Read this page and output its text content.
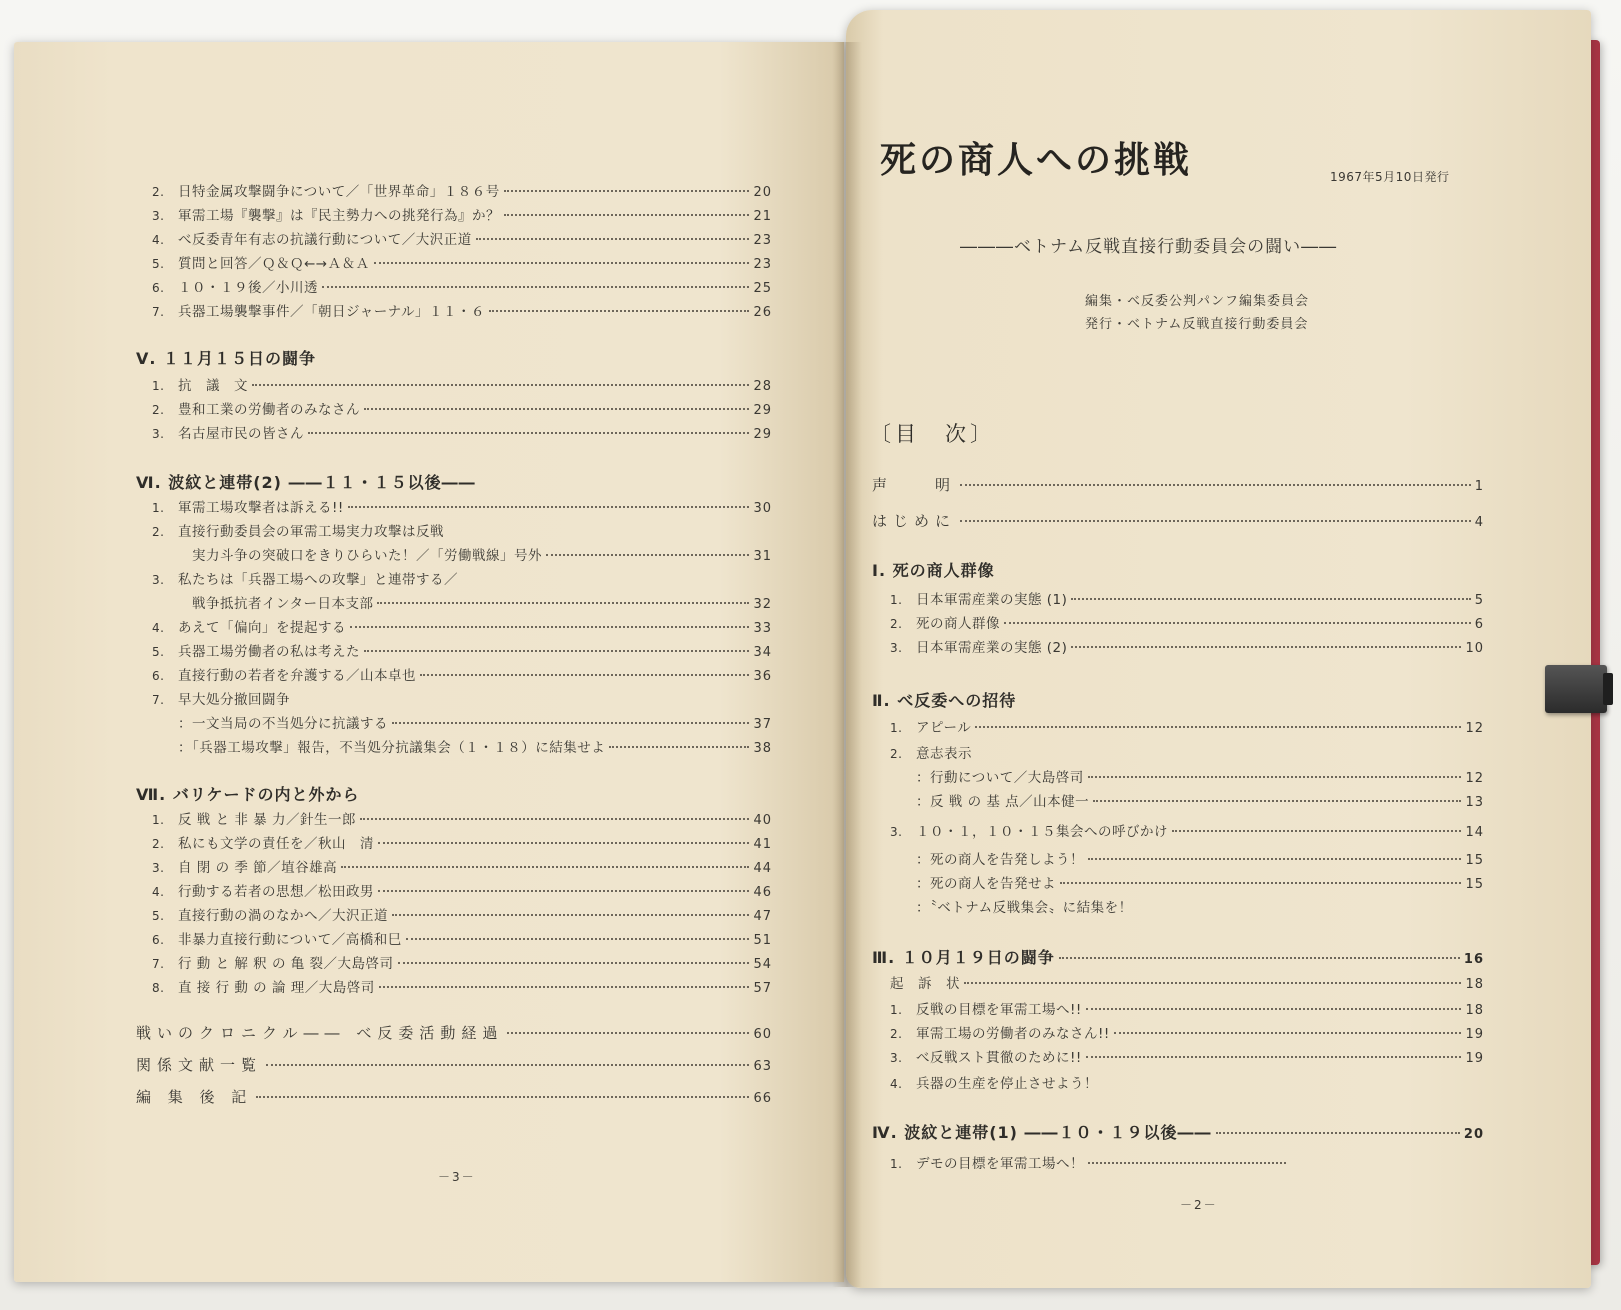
死の商人への挑戦	1967年5月10日発行
―――ベトナム反戦直接行動委員会の闘い――
編集・ベ反委公判パンフ編集委員会
発行・ベトナム反戦直接行動委員会
〔目　次〕
声　　明	1
はじめに	4
Ⅰ. 死の商人群像
1.	日本軍需産業の実態 (1)	5
2.	死の商人群像	6
3.	日本軍需産業の実態 (2)	10
Ⅱ. べ反委への招待
1.	アピール	12
2.	意志表示
：行動について／大島啓司	12
：反 戦 の 基 点／山本健一	13
3.	１０・１，１０・１５集会への呼びかけ	14
：死の商人を告発しよう！	15
：死の商人を告発せよ	15
：〝ベトナム反戦集会〟に結集を！
Ⅲ. １０月１９日の闘争	16
起　訴　状	18
1.	反戦の目標を軍需工場へ!!	18
2.	軍需工場の労働者のみなさん!!	19
3.	べ反戦スト貫徹のために!!	19
4.	兵器の生産を停止させよう！
Ⅳ. 波紋と連帯(1) ――１０・１９以後――	20
1.	デモの目標を軍需工場へ！
－2－
2.	日特金属攻撃闘争について／「世界革命」１８６号	20
3.	軍需工場『襲撃』は『民主勢力への挑発行為』か？	21
4.	べ反委青年有志の抗議行動について／大沢正道	23
5.	質問と回答／Ｑ＆Ｑ←→Ａ＆Ａ	23
6.	１０・１９後／小川透	25
7.	兵器工場襲撃事件／「朝日ジャーナル」１１・６	26
Ⅴ. １１月１５日の闘争
1.	抗　議　文	28
2.	豊和工業の労働者のみなさん	29
3.	名古屋市民の皆さん	29
Ⅵ. 波紋と連帯(2) ――１１・１５以後――
1.	軍需工場攻撃者は訴える!!	30
2.	直接行動委員会の軍需工場実力攻撃は反戦
　実力斗争の突破口をきりひらいた！／「労働戦線」号外	31
3.	私たちは「兵器工場への攻撃」と連帯する／
　戦争抵抗者インター日本支部	32
4.	あえて「偏向」を提起する	33
5.	兵器工場労働者の私は考えた	34
6.	直接行動の若者を弁護する／山本卓也	36
7.	早大処分撤回闘争
：一文当局の不当処分に抗議する	37
：「兵器工場攻撃」報告，不当処分抗議集会（１・１８）に結集せよ	38
Ⅶ. バリケードの内と外から
1.	反 戦 と 非 暴 力／針生一郎	40
2.	私にも文学の責任を／秋山　清	41
3.	自 閉 の 季 節／埴谷雄高	44
4.	行動する若者の思想／松田政男	46
5.	直接行動の渦のなかへ／大沢正道	47
6.	非暴力直接行動について／高橋和巳	51
7.	行 動 と 解 釈 の 亀 裂／大島啓司	54
8.	直 接 行 動 の 論 理／大島啓司	57
戦いのクロニクル―― べ反委活動経過	60
関係文献一覧	63
編 集 後 記	66
－3－
